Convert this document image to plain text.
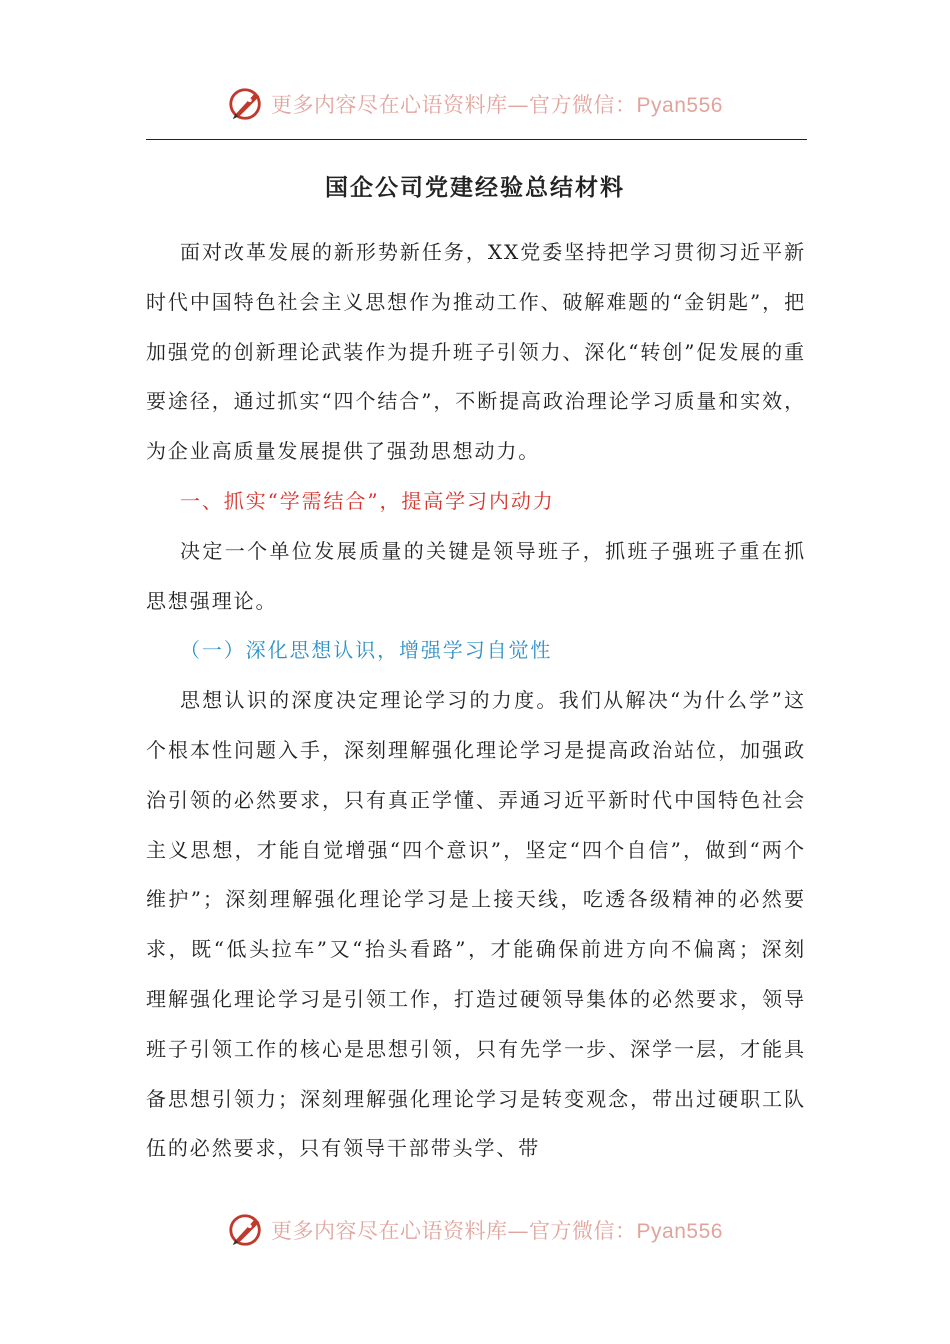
更多内容尽在心语资料库—官方微信：Pyan556
国企公司党建经验总结材料

面对改革发展的新形势新任务，XX党委坚持把学习贯彻习近平新时代中国特色社会主义思想作为推动工作、破解难题的“金钥匙”，把加强党的创新理论武装作为提升班子引领力、深化“转创”促发展的重要途径，通过抓实“四个结合”，不断提高政治理论学习质量和实效，为企业高质量发展提供了强劲思想动力。

一、抓实“学需结合”，提高学习内动力

决定一个单位发展质量的关键是领导班子，抓班子强班子重在抓思想强理论。

（一）深化思想认识，增强学习自觉性

思想认识的深度决定理论学习的力度。我们从解决“为什么学”这个根本性问题入手，深刻理解强化理论学习是提高政治站位，加强政治引领的必然要求，只有真正学懂、弄通习近平新时代中国特色社会主义思想，才能自觉增强“四个意识”，坚定“四个自信”，做到“两个维护”；深刻理解强化理论学习是上接天线，吃透各级精神的必然要求，既“低头拉车”又“抬头看路”，才能确保前进方向不偏离；深刻理解强化理论学习是引领工作，打造过硬领导集体的必然要求，领导班子引领工作的核心是思想引领，只有先学一步、深学一层，才能具备思想引领力；深刻理解强化理论学习是转变观念，带出过硬职工队伍的必然要求，只有领导干部带头学、带

更多内容尽在心语资料库—官方微信：Pyan556
